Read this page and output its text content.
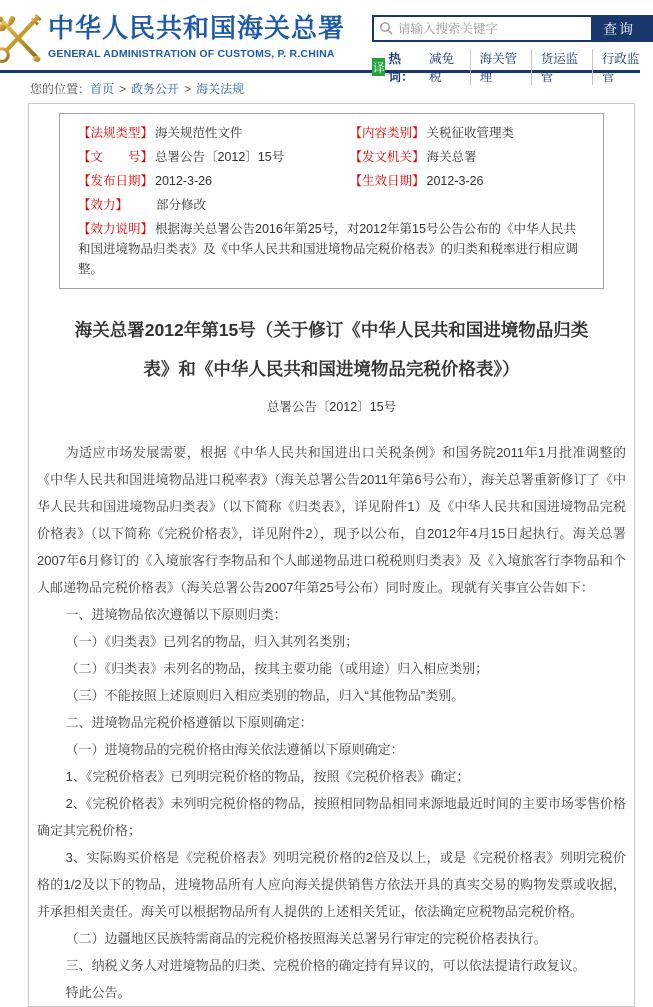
中华人民共和国海关总署
GENERAL ADMINISTRATION OF CUSTOMS, P. R.CHINA
请输入搜索关键字
查询
译
热词：
减免税
海关管理
货运监管
行政监管
您的位置：首页 > 政务公开 > 海关法规
【法规类型】 海关规范性文件	【内容类别】 关税征收管理类
【文　　号】 总署公告〔2012〕15号	【发文机关】 海关总署
【发布日期】 2012-3-26	【生效日期】 2012-3-26
【效力】 部分修改
【效力说明】 根据海关总署公告2016年第25号，对2012年第15号公告公布的《中华人民共和国进境物品归类表》及《中华人民共和国进境物品完税价格表》的归类和税率进行相应调整。
海关总署2012年第15号（关于修订《中华人民共和国进境物品归类表》和《中华人民共和国进境物品完税价格表》）
总署公告〔2012〕15号

为适应市场发展需要，根据《中华人民共和国进出口关税条例》和国务院2011年1月批准调整的《中华人民共和国进境物品进口税率表》（海关总署公告2011年第6号公布），海关总署重新修订了《中华人民共和国进境物品归类表》（以下简称《归类表》，详见附件1）及《中华人民共和国进境物品完税价格表》（以下简称《完税价格表》，详见附件2），现予以公布，自2012年4月15日起执行。海关总署2007年6月修订的《入境旅客行李物品和个人邮递物品进口税税则归类表》及《入境旅客行李物品和个人邮递物品完税价格表》（海关总署公告2007年第25号公布）同时废止。现就有关事宜公告如下：

一、进境物品依次遵循以下原则归类：

（一）《归类表》已列名的物品，归入其列名类别；

（二）《归类表》未列名的物品，按其主要功能（或用途）归入相应类别；

（三）不能按照上述原则归入相应类别的物品，归入“其他物品”类别。

二、进境物品完税价格遵循以下原则确定：

（一）进境物品的完税价格由海关依法遵循以下原则确定：

1、《完税价格表》已列明完税价格的物品，按照《完税价格表》确定；

2、《完税价格表》未列明完税价格的物品，按照相同物品相同来源地最近时间的主要市场零售价格确定其完税价格；

3、实际购买价格是《完税价格表》列明完税价格的2倍及以上，或是《完税价格表》列明完税价格的1/2及以下的物品，进境物品所有人应向海关提供销售方依法开具的真实交易的购物发票或收据，并承担相关责任。海关可以根据物品所有人提供的上述相关凭证，依法确定应税物品完税价格。

（二）边疆地区民族特需商品的完税价格按照海关总署另行审定的完税价格表执行。

三、纳税义务人对进境物品的归类、完税价格的确定持有异议的，可以依法提请行政复议。

特此公告。
